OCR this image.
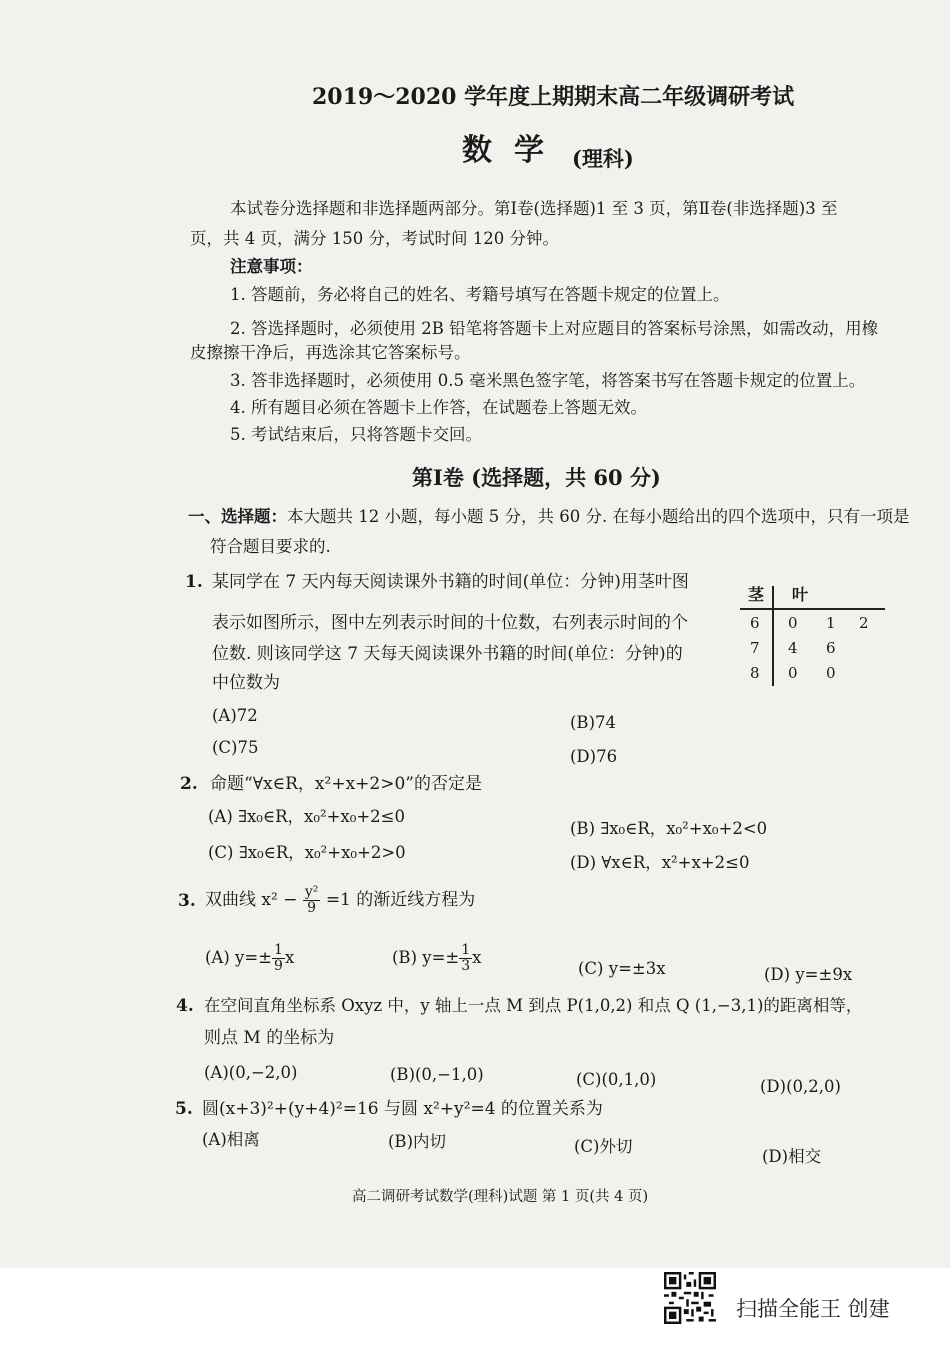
2019～2020 学年度上期期末高二年级调研考试
数学 (理科)
本试卷分选择题和非选择题两部分。第Ⅰ卷(选择题)1 至 3 页，第Ⅱ卷(非选择题)3 至
页，共 4 页，满分 150 分，考试时间 120 分钟。
注意事项：
1. 答题前，务必将自己的姓名、考籍号填写在答题卡规定的位置上。
2. 答选择题时，必须使用 2B 铅笔将答题卡上对应题目的答案标号涂黑，如需改动，用橡
皮擦擦干净后，再选涂其它答案标号。
3. 答非选择题时，必须使用 0.5 毫米黑色签字笔，将答案书写在答题卡规定的位置上。
4. 所有题目必须在答题卡上作答，在试题卷上答题无效。
5. 考试结束后，只将答题卡交回。
第Ⅰ卷 (选择题，共 60 分)
一、选择题：本大题共 12 小题，每小题 5 分，共 60 分. 在每小题给出的四个选项中，只有一项是
符合题目要求的.
1. 某同学在 7 天内每天阅读课外书籍的时间(单位：分钟)用茎叶图
表示如图所示，图中左列表示时间的十位数，右列表示时间的个
位数. 则该同学这 7 天每天阅读课外书籍的时间(单位：分钟)的
中位数为
茎 叶
6 0 1 2
7 4 6
8 0 0
(A)72	(B)74
(C)75	(D)76
2. 命题“∀x∈R，x²+x+2>0”的否定是
(A) ∃x₀∈R，x₀²+x₀+2≤0
(B) ∃x₀∈R，x₀²+x₀+2<0
(C) ∃x₀∈R，x₀²+x₀+2>0
(D) ∀x∈R，x²+x+2≤0
3. 双曲线 $x^2 - \frac{\text{y²}}{9} =1$ 的渐近线方程为
(A) $y=\pm \frac{1}{9}$ x	(B) $y=\pm \frac{1}{3}$ x
(C) y=±3x	(D) y=±9x
4. 在空间直角坐标系 Oxyz 中，y 轴上一点 M 到点 P(1,0,2) 和点 Q (1,−3,1)的距离相等，
则点 M 的坐标为
(A)(0,−2,0)	(B)(0,−1,0)	(C)(0,1,0)	(D)(0,2,0)
5. 圆(x+3)²+(y+4)²=16 与圆 x²+y²=4 的位置关系为
(A)相离	(B)内切	(C)外切
(D)相交
高二调研考试数学(理科)试题 第 1 页(共 4 页)
扫描全能王 创建
